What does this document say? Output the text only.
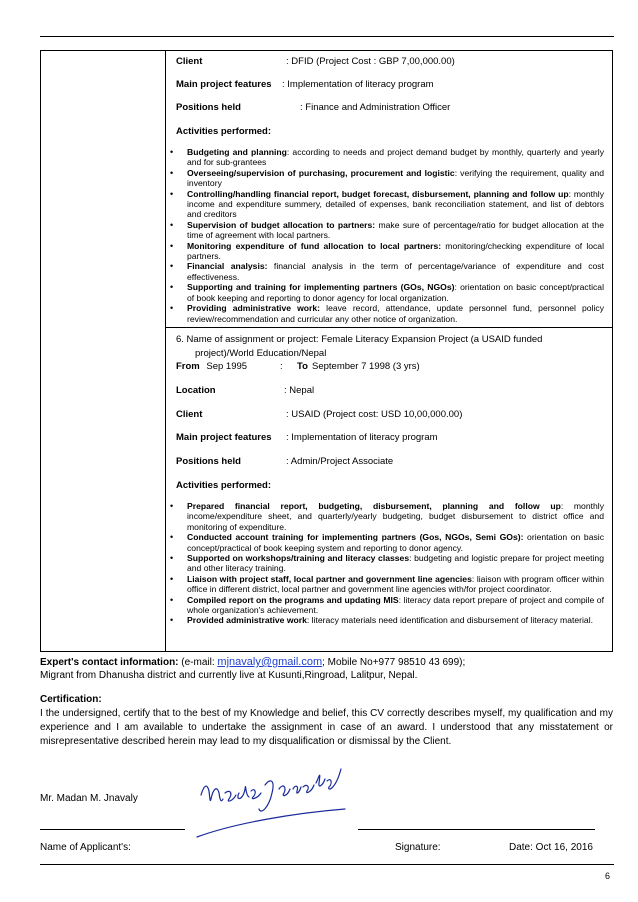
Client	: DFID (Project Cost : GBP 7,00,000.00)
Main project features : Implementation of literacy program
Positions held	: Finance and Administration Officer
Activities performed:
• Budgeting and planning: according to needs and project demand budget by monthly, quarterly and yearly and for sub-grantees
• Overseeing/supervision of purchasing, procurement and logistic: verifying the requirement, quality and inventory
• Controlling/handling financial report, budget forecast, disbursement, planning and follow up: monthly income and expenditure summery, detailed of expenses, bank reconciliation statement, and list of debtors and creditors
• Supervision of budget allocation to partners: make sure of percentage/ratio for budget allocation at the time of agreement with local partners.
• Monitoring expenditure of fund allocation to local partners: monitoring/checking expenditure of local partners.
• Financial analysis: financial analysis in the term of percentage/variance of expenditure and cost effectiveness.
• Supporting and training for implementing partners (GOs, NGOs): orientation on basic concept/practical of book keeping and reporting to donor agency for local organization.
• Providing administrative work: leave record, attendance, update personnel fund, personnel policy review/recommendation and curricular any other notice of organization.
6. Name of assignment or project: Female Literacy Expansion Project (a USAID funded
project)/World Education/Nepal
From Sep 1995	: To September 7 1998 (3 yrs)
Location	: Nepal
Client	: USAID (Project cost: USD 10,00,000.00)
Main project features : Implementation of literacy program
Positions held	: Admin/Project Associate
Activities performed:
• Prepared financial report, budgeting, disbursement, planning and follow up: monthly income/expenditure sheet, and quarterly/yearly budgeting, budget disbursement to district office and monitoring of expenditure.
• Conducted account training for implementing partners (Gos, NGOs, Semi GOs): orientation on basic concept/practical of book keeping system and reporting to donor agency.
• Supported on workshops/training and literacy classes: budgeting and logistic prepare for project meeting and other literacy training.
• Liaison with project staff, local partner and government line agencies: liaison with program officer within office in different district, local partner and government line agencies with/for project coordinator.
• Compiled report on the programs and updating MIS: literacy data report prepare of project and compile of whole organization's achievement.
• Provided administrative work: literacy materials need identification and disbursement of literacy material.
Expert's contact information: (e-mail: mjnavaly@gmail.com; Mobile No+977 98510 43 699);
Migrant from Dhanusha district and currently live at Kusunti,Ringroad, Lalitpur, Nepal.
Certification:
I the undersigned, certify that to the best of my Knowledge and belief, this CV correctly describes myself, my qualification and my experience and I am available to undertake the assignment in case of an award. I understood that any misstatement or misrepresentative described herein may lead to my disqualification or dismissal by the Client.
Mr. Madan M. Jnavaly
Madan Jnavaly
Name of Applicant's:	Signature:	Date: Oct 16, 2016
6
